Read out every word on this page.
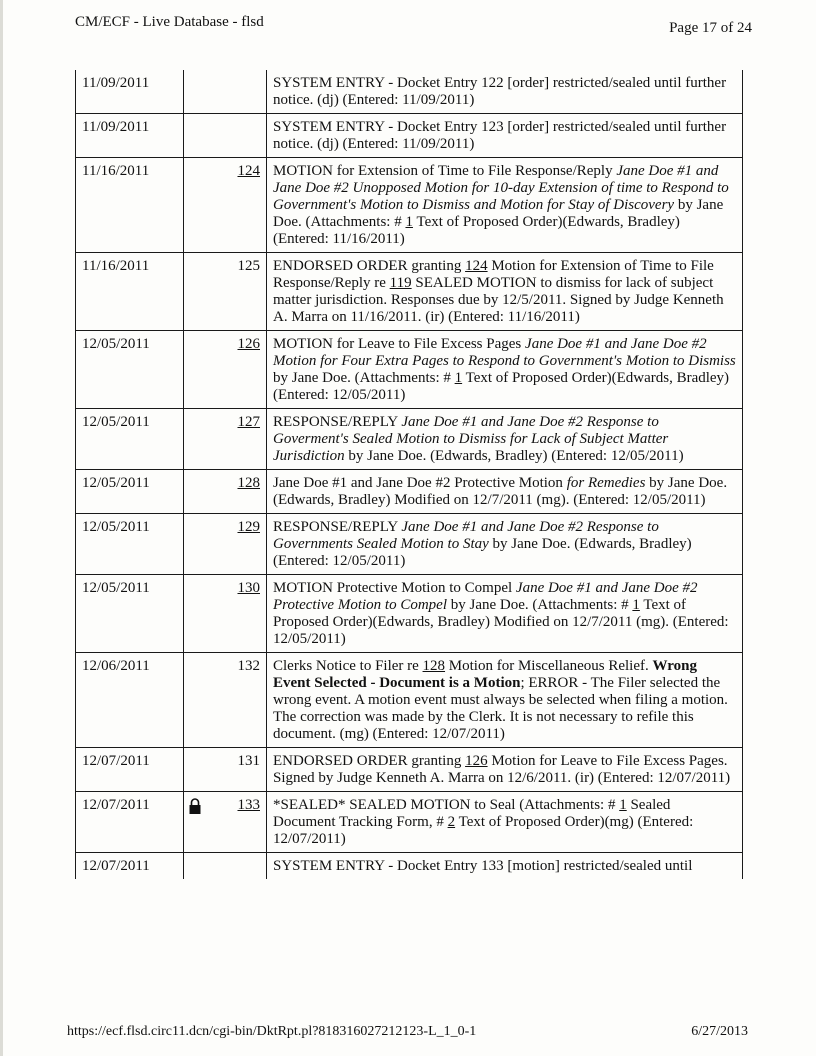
CM/ECF - Live Database - flsd	Page 17 of 24
11/09/2011		SYSTEM ENTRY - Docket Entry 122 [order] restricted/sealed until further notice. (dj) (Entered: 11/09/2011)
11/09/2011		SYSTEM ENTRY - Docket Entry 123 [order] restricted/sealed until further notice. (dj) (Entered: 11/09/2011)
11/16/2011	124	MOTION for Extension of Time to File Response/Reply Jane Doe #1 and Jane Doe #2 Unopposed Motion for 10-day Extension of time to Respond to Government's Motion to Dismiss and Motion for Stay of Discovery by Jane Doe. (Attachments: # 1 Text of Proposed Order)(Edwards, Bradley) (Entered: 11/16/2011)
11/16/2011	125	ENDORSED ORDER granting 124 Motion for Extension of Time to File Response/Reply re 119 SEALED MOTION to dismiss for lack of subject matter jurisdiction. Responses due by 12/5/2011. Signed by Judge Kenneth A. Marra on 11/16/2011. (ir) (Entered: 11/16/2011)
12/05/2011	126	MOTION for Leave to File Excess Pages Jane Doe #1 and Jane Doe #2 Motion for Four Extra Pages to Respond to Government's Motion to Dismiss by Jane Doe. (Attachments: # 1 Text of Proposed Order)(Edwards, Bradley) (Entered: 12/05/2011)
12/05/2011	127	RESPONSE/REPLY Jane Doe #1 and Jane Doe #2 Response to Goverment's Sealed Motion to Dismiss for Lack of Subject Matter Jurisdiction by Jane Doe. (Edwards, Bradley) (Entered: 12/05/2011)
12/05/2011	128	Jane Doe #1 and Jane Doe #2 Protective Motion for Remedies by Jane Doe. (Edwards, Bradley) Modified on 12/7/2011 (mg). (Entered: 12/05/2011)
12/05/2011	129	RESPONSE/REPLY Jane Doe #1 and Jane Doe #2 Response to Governments Sealed Motion to Stay by Jane Doe. (Edwards, Bradley) (Entered: 12/05/2011)
12/05/2011	130	MOTION Protective Motion to Compel Jane Doe #1 and Jane Doe #2 Protective Motion to Compel by Jane Doe. (Attachments: # 1 Text of Proposed Order)(Edwards, Bradley) Modified on 12/7/2011 (mg). (Entered: 12/05/2011)
12/06/2011	132	Clerks Notice to Filer re 128 Motion for Miscellaneous Relief. Wrong Event Selected - Document is a Motion; ERROR - The Filer selected the wrong event. A motion event must always be selected when filing a motion. The correction was made by the Clerk. It is not necessary to refile this document. (mg) (Entered: 12/07/2011)
12/07/2011	131	ENDORSED ORDER granting 126 Motion for Leave to File Excess Pages. Signed by Judge Kenneth A. Marra on 12/6/2011. (ir) (Entered: 12/07/2011)
12/07/2011	133	*SEALED* SEALED MOTION to Seal (Attachments: # 1 Sealed Document Tracking Form, # 2 Text of Proposed Order)(mg) (Entered: 12/07/2011)
12/07/2011		SYSTEM ENTRY - Docket Entry 133 [motion] restricted/sealed until
https://ecf.flsd.circ11.dcn/cgi-bin/DktRpt.pl?818316027212123-L_1_0-1	6/27/2013
